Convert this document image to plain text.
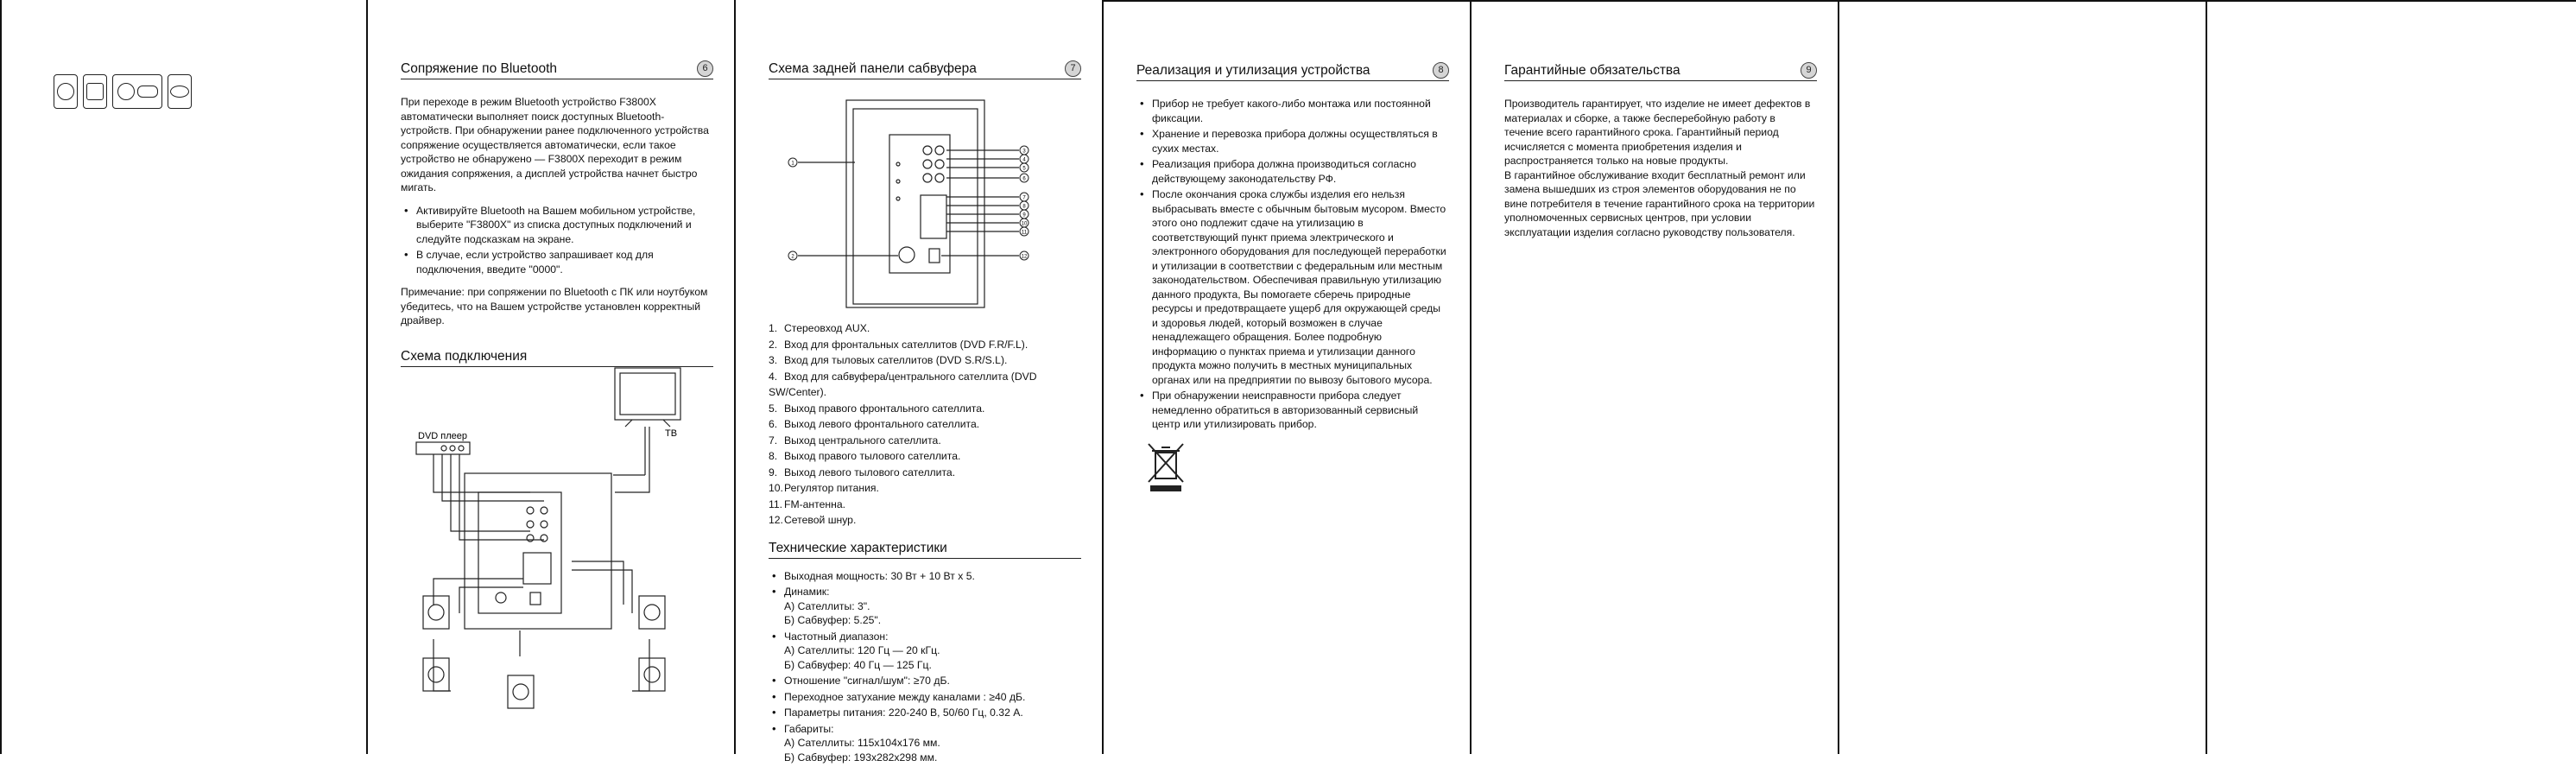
Сопряжение по Bluetooth	6

При переходе в режим Bluetooth устройство F3800X автоматически выполняет поиск доступных Bluetooth-устройств. При обнаружении ранее подключенного устройства сопряжение осуществляется автоматически, если такое устройство не обнаружено — F3800X переходит в режим ожидания сопряжения, а дисплей устройства начнет быстро мигать.

• Активируйте Bluetooth на Вашем мобильном устройстве, выберите "F3800X" из списка доступных подключений и следуйте подсказкам на экране.
• В случае, если устройство запрашивает код для подключения, введите "0000".

Примечание: при сопряжении по Bluetooth с ПК или ноутбуком убедитесь, что на Вашем устройстве установлен корректный драйвер.

Схема подключения
DVD плеер	ТВ
Схема задней панели сабвуфера	7
1
2
3
4
5
6
7
8
9
10
11
12
1. Стереовход AUX.
2. Вход для фронтальных сателлитов (DVD F.R/F.L).
3. Вход для тыловых сателлитов (DVD S.R/S.L).
4. Вход для сабвуфера/центрального сателлита (DVD SW/Center).
5. Выход правого фронтального сателлита.
6. Выход левого фронтального сателлита.
7. Выход центрального сателлита.
8. Выход правого тылового сателлита.
9. Выход левого тылового сателлита.
10.Регулятор питания.
11. FM-антенна.
12.Сетевой шнур.
Технические характеристики
• Выходная мощность: 30 Вт + 10 Вт x 5.
• Динамик:
А) Сателлиты: 3".
Б) Сабвуфер: 5.25".
• Частотный диапазон:
А) Сателлиты: 120 Гц — 20 кГц.
Б) Сабвуфер: 40 Гц — 125 Гц.
• Отношение "сигнал/шум": ≥70 дБ.
• Переходное затухание между каналами : ≥40 дБ.
• Параметры питания: 220-240 В, 50/60 Гц, 0.32 А.
• Габариты:
А) Сателлиты: 115x104x176 мм.
Б) Сабвуфер: 193x282x298 мм.
Реализация и утилизация устройства	8
• Прибор не требует какого-либо монтажа или постоянной фиксации.
• Хранение и перевозка прибора должны осуществляться в сухих местах.
• Реализация прибора должна производиться согласно действующему законодательству РФ.
• После окончания срока службы изделия его нельзя выбрасывать вместе с обычным бытовым мусором. Вместо этого оно подлежит сдаче на утилизацию в соответствующий пункт приема электрического и электронного оборудования для последующей переработки и утилизации в соответствии с федеральным или местным законодательством. Обеспечивая правильную утилизацию данного продукта, Вы помогаете сберечь природные ресурсы и предотвращаете ущерб для окружающей среды и здоровья людей, который возможен в случае ненадлежащего обращения. Более подробную информацию о пунктах приема и утилизации данного продукта можно получить в местных муниципальных органах или на предприятии по вывозу бытового мусора.
• При обнаружении неисправности прибора следует немедленно обратиться в авторизованный сервисный центр или утилизировать прибор.
Гарантийные обязательства	9

Производитель гарантирует, что изделие не имеет дефектов в материалах и сборке, а также бесперебойную работу в течение всего гарантийного срока. Гарантийный период исчисляется с момента приобретения изделия и распространяется только на новые продукты.
В гарантийное обслуживание входит бесплатный ремонт или замена вышедших из строя элементов оборудования не по вине потребителя в течение гарантийного срока на территории уполномоченных сервисных центров, при условии эксплуатации изделия согласно руководству пользователя.
